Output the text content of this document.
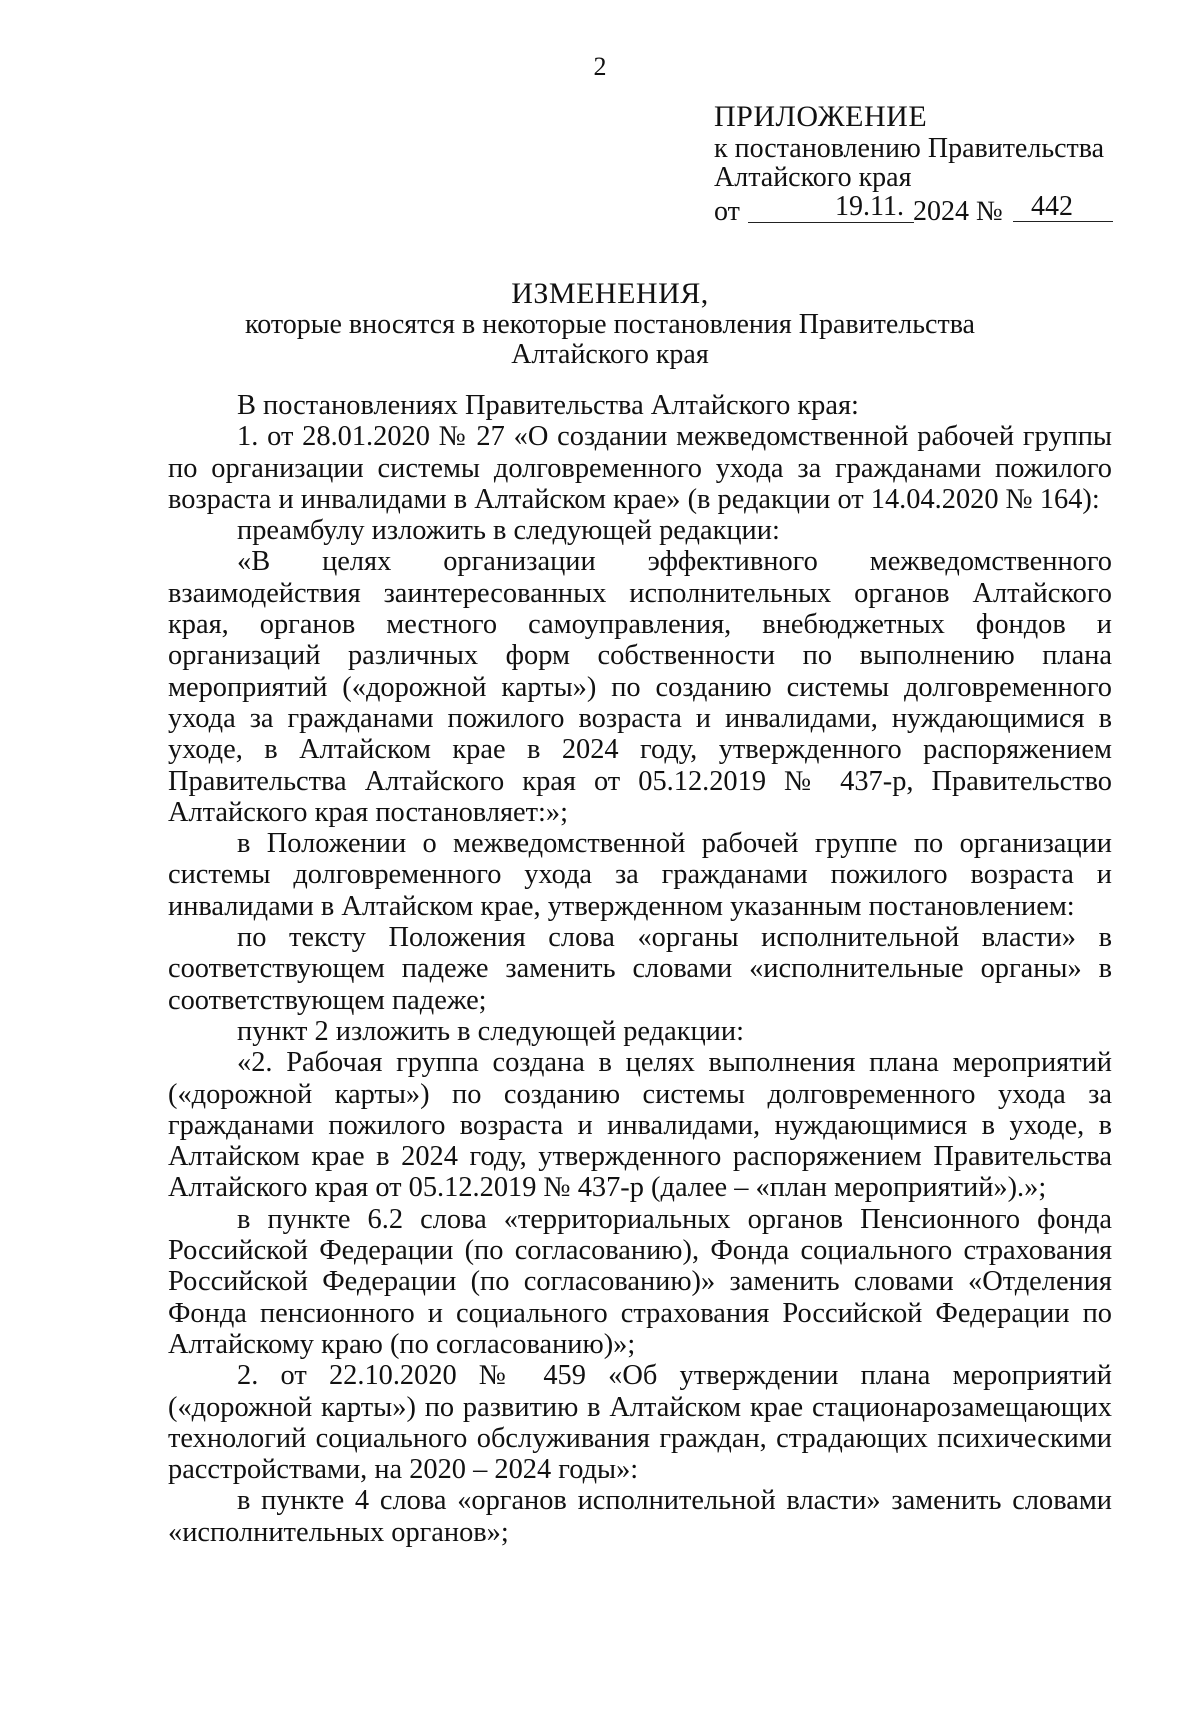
2
ПРИЛОЖЕНИЕ
к постановлению Правительства
Алтайского края
от	19.11. 2024 №	442
ИЗМЕНЕНИЯ,
которые вносятся в некоторые постановления Правительства
Алтайского края

В постановлениях Правительства Алтайского края:

1. от 28.01.2020 № 27 «О создании межведомственной рабочей группы по организации системы долговременного ухода за гражданами пожилого возраста и инвалидами в Алтайском крае» (в редакции от 14.04.2020 № 164):

преамбулу изложить в следующей редакции:

«В целях организации эффективного межведомственного взаимодействия заинтересованных исполнительных органов Алтайского края, органов местного самоуправления, внебюджетных фондов и организаций различных форм собственности по выполнению плана мероприятий («дорожной карты») по созданию системы долговременного ухода за гражданами пожилого возраста и инвалидами, нуждающимися в уходе, в Алтайском крае в 2024 году, утвержденного распоряжением Правительства Алтайского края от 05.12.2019 № 437-р, Правительство Алтайского края постановляет:»;

в Положении о межведомственной рабочей группе по организации системы долговременного ухода за гражданами пожилого возраста и инвалидами в Алтайском крае, утвержденном указанным постановлением:

по тексту Положения слова «органы исполнительной власти» в соответствующем падеже заменить словами «исполнительные органы» в соответствующем падеже;

пункт 2 изложить в следующей редакции:

«2. Рабочая группа создана в целях выполнения плана мероприятий («дорожной карты») по созданию системы долговременного ухода за гражданами пожилого возраста и инвалидами, нуждающимися в уходе, в Алтайском крае в 2024 году, утвержденного распоряжением Правительства Алтайского края от 05.12.2019 № 437-р (далее – «план мероприятий»).»;

в пункте 6.2 слова «территориальных органов Пенсионного фонда Российской Федерации (по согласованию), Фонда социального страхования Российской Федерации (по согласованию)» заменить словами «Отделения Фонда пенсионного и социального страхования Российской Федерации по Алтайскому краю (по согласованию)»;

2. от 22.10.2020 № 459 «Об утверждении плана мероприятий («дорожной карты») по развитию в Алтайском крае стационарозамещающих технологий социального обслуживания граждан, страдающих психическими расстройствами, на 2020 – 2024 годы»:

в пункте 4 слова «органов исполнительной власти» заменить словами «исполнительных органов»;
